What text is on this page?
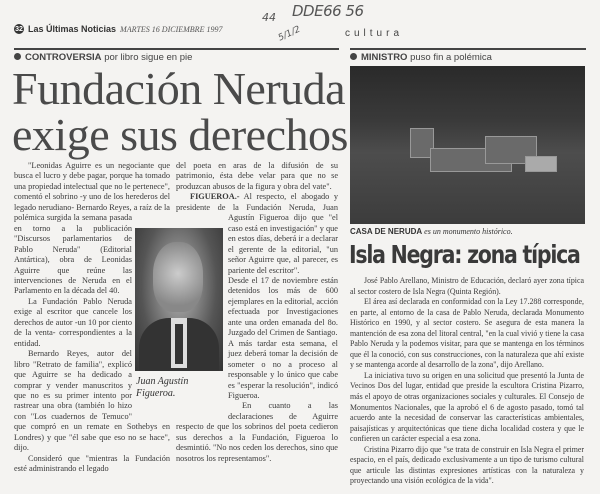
32 Las Últimas Noticias MARTES 16 DICIEMBRE 1997
DDE66 56
44
5/1/2	cultura
CONTROVERSIA por libro sigue en pie
Fundación Neruda
exige sus derechos

"Leonidas Aguirre es un negociante que busca el lucro y debe pagar, porque ha tomado una propiedad intelectual que no le pertenece", comentó el sobrino -y uno de los herederos del legado nerudiano- Bernardo Reyes, a raíz de la polémica surgida la semana pasada en torno a la publicación "Discursos parlamentarios de Pablo Neruda" (Editorial Antártica), obra de Leonidas Aguirre que reúne las intervenciones de Neruda en el Parlamento en la década del 40.

La Fundación Pablo Neruda exige al escritor que cancele los derechos de autor -un 10 por ciento de la venta- correspondientes a la entidad.

Bernardo Reyes, autor del libro "Retrato de familia", explicó que Aguirre se ha dedicado a comprar y vender manuscritos y que no es su primer intento por rastrear una obra (también lo hizo con "Los cuadernos de Temuco" que compró en un remate en Sothebys en Londres) y que "él sabe que eso no se hace", dijo.

Consideró que "mientras la Fundación esté administrando el legado

del poeta en aras de la difusión de su patrimonio, ésta debe velar para que no se produzcan abusos de la figura y obra del vate".

FIGUEROA.- Al respecto, el abogado y presidente de la Fundación Neruda, Juan Agustín Figueroa dijo que "el caso está en investigación" y que en estos días, deberá ir a declarar el gerente de la editorial, "un señor Aguirre que, al parecer, es pariente del escritor".

Desde el 17 de noviembre están detenidos los más de 600 ejemplares en la editorial, acción efectuada por Investigaciones ante una orden emanada del 8o. Juzgado del Crimen de Santiago.

A más tardar esta semana, el juez deberá tomar la decisión de someter o no a proceso al responsable y lo único que cabe es "esperar la resolución", indicó Figueroa.

En cuanto a las declaraciones de Aguirre respecto de que los sobrinos del poeta cedieron sus derechos a la Fundación, Figueroa lo desmintió. "No nos ceden los derechos, sino que nosotros los representamos".

Juan Agustín Figueroa.
MINISTRO puso fin a polémica
CASA DE NERUDA es un monumento histórico.
Isla Negra: zona típica

José Pablo Arellano, Ministro de Educación, declaró ayer zona típica al sector costero de Isla Negra (Quinta Región).

El área así declarada en conformidad con la Ley 17.288 corresponde, en parte, al entorno de la casa de Pablo Neruda, declarada Monumento Histórico en 1990, y al sector costero. Se asegura de esta manera la mantención de esa zona del litoral central, "en la cual vivió y tiene la casa Pablo Neruda y la podemos visitar, para que se mantenga en los términos que él la conoció, con sus construcciones, con la naturaleza que ahí existe y se mantenga acorde al desarrollo de la zona", dijo Arellano.

La iniciativa tuvo su origen en una solicitud que presentó la Junta de Vecinos Dos del lugar, entidad que preside la escultora Cristina Pizarro, más el apoyo de otras organizaciones sociales y culturales. El Consejo de Monumentos Nacionales, que la aprobó el 6 de agosto pasado, tomó tal acuerdo ante la necesidad de conservar las características ambientales, paisajísticas y arquitectónicas que tiene dicha localidad costera y que le confieren un carácter especial a esa zona.

Cristina Pizarro dijo que "se trata de construir en Isla Negra el primer espacio, en el país, dedicado exclusivamente a un tipo de turismo cultural que articule las distintas expresiones artísticas con la naturaleza y proyectando una visión ecológica de la vida".
